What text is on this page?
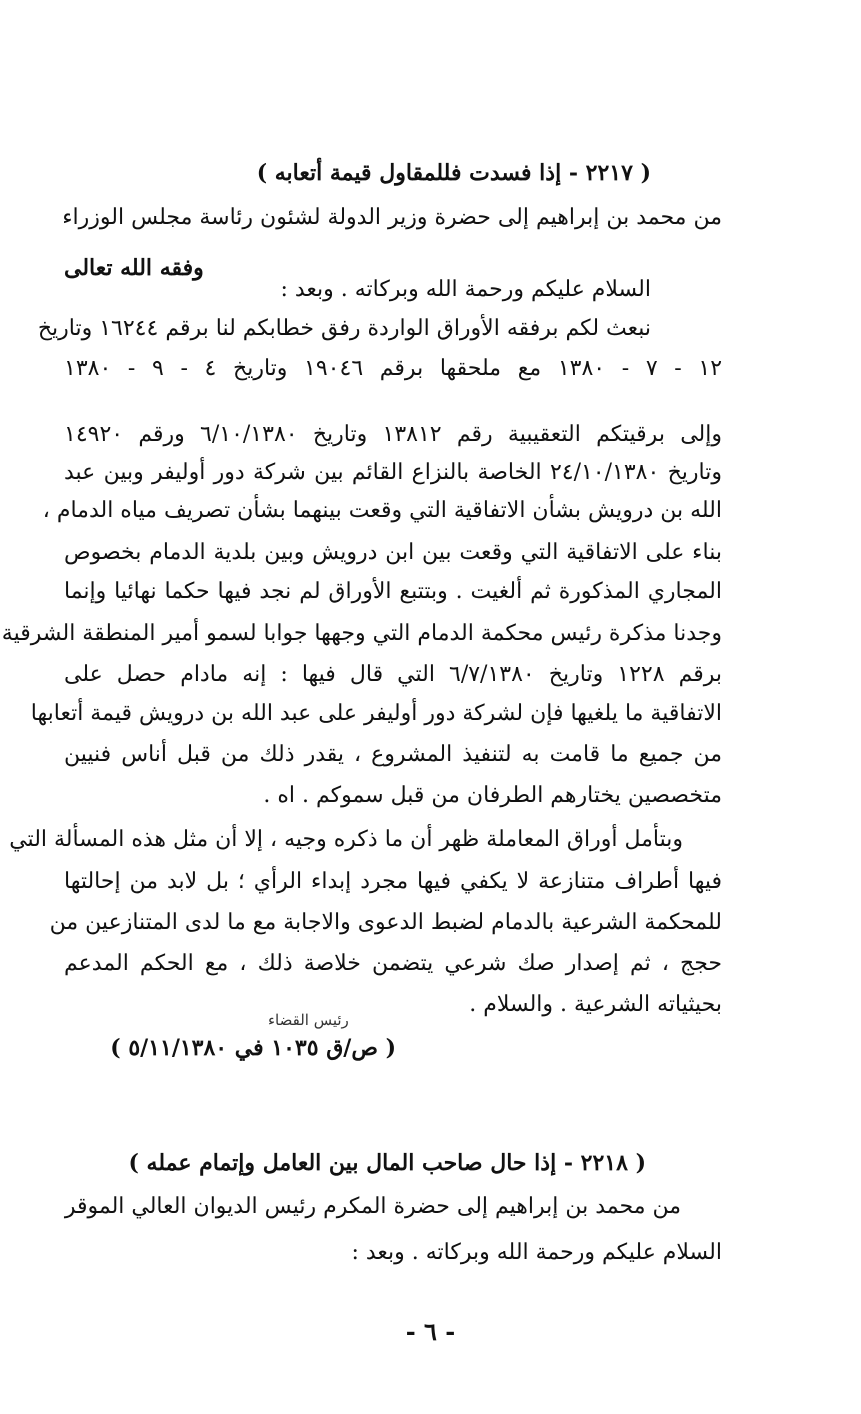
( ٢٢١٧ - إذا فسدت فللمقاول قيمة أتعابه )
من محمد بن إبراهيم إلى حضرة وزير الدولة لشئون رئاسة مجلس الوزراء
وفقه الله تعالى
السلام عليكم ورحمة الله وبركاته . وبعد :
نبعث لكم برفقه الأوراق الواردة رفق خطابكم لنا برقم ١٦٢٤٤ وتاريخ
١٢ - ٧ - ١٣٨٠ مع ملحقها برقم ١٩٠٤٦ وتاريخ ٤ - ٩ - ١٣٨٠
وإلى برقيتكم التعقيبية رقم ١٣٨١٢ وتاريخ ٦/١٠/١٣٨٠ ورقم ١٤٩٢٠
وتاريخ ٢٤/١٠/١٣٨٠ الخاصة بالنزاع القائم بين شركة دور أوليفر وبين عبد
الله بن درويش بشأن الاتفاقية التي وقعت بينهما بشأن تصريف مياه الدمام ،
بناء على الاتفاقية التي وقعت بين ابن درويش وبين بلدية الدمام بخصوص
المجاري المذكورة ثم ألغيت . وبتتبع الأوراق لم نجد فيها حكما نهائيا وإنما
وجدنا مذكرة رئيس محكمة الدمام التي وجهها جوابا لسمو أمير المنطقة الشرقية
برقم ١٢٢٨ وتاريخ ٦/٧/١٣٨٠ التي قال فيها : إنه مادام حصل على
الاتفاقية ما يلغيها فإن لشركة دور أوليفر على عبد الله بن درويش قيمة أتعابها
من جميع ما قامت به لتنفيذ المشروع ، يقدر ذلك من قبل أناس فنيين
متخصصين يختارهم الطرفان من قبل سموكم . اه .
وبتأمل أوراق المعاملة ظهر أن ما ذكره وجيه ، إلا أن مثل هذه المسألة التي
فيها أطراف متنازعة لا يكفي فيها مجرد إبداء الرأي ؛ بل لابد من إحالتها
للمحكمة الشرعية بالدمام لضبط الدعوى والاجابة مع ما لدى المتنازعين من
حجج ، ثم إصدار صك شرعي يتضمن خلاصة ذلك ، مع الحكم المدعم
بحيثياته الشرعية . والسلام .
رئيس القضاء
( ص/ق ١٠٣٥ في ٥/١١/١٣٨٠ )
( ٢٢١٨ - إذا حال صاحب المال بين العامل وإتمام عمله )
من محمد بن إبراهيم إلى حضرة المكرم رئيس الديوان العالي الموقر
السلام عليكم ورحمة الله وبركاته . وبعد :
- ٦ -
